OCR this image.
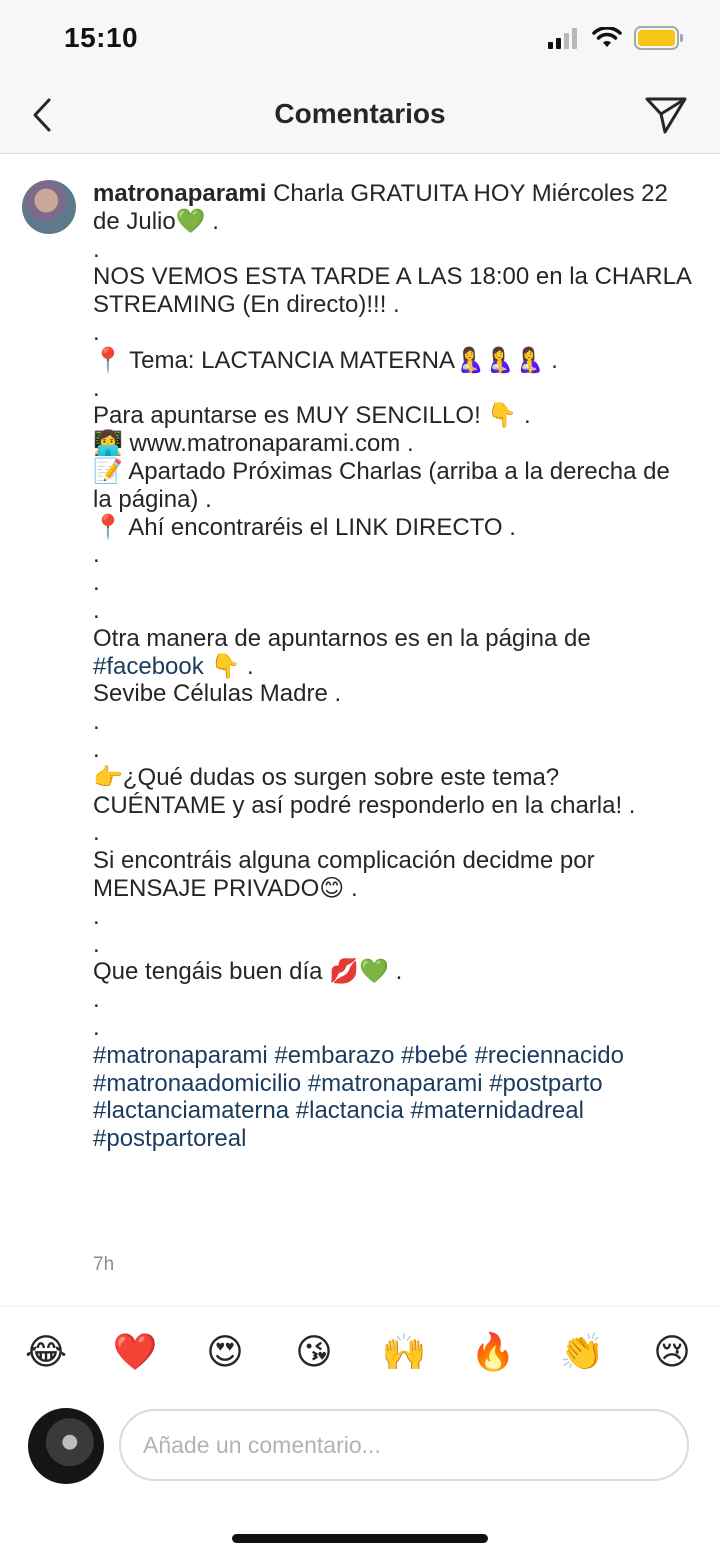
15:10
Comentarios
matronaparami Charla GRATUITA HOY Miércoles 22
de Julio💚 .
.
NOS VEMOS ESTA TARDE A LAS 18:00 en la CHARLA
STREAMING (En directo)!!! .
.
📍 Tema: LACTANCIA MATERNA🤱🤱🤱 .
.
Para apuntarse es MUY SENCILLO! 👇 .
👩‍💻 www.matronaparami.com .
📝 Apartado Próximas Charlas (arriba a la derecha de
la página) .
📍 Ahí encontraréis el LINK DIRECTO .
.
.
.
Otra manera de apuntarnos es en la página de
#facebook 👇 .
Sevibe Células Madre .
.
.
👉¿Qué dudas os surgen sobre este tema?
CUÉNTAME y así podré responderlo en la charla! .
.
Si encontráis alguna complicación decidme por
MENSAJE PRIVADO😊 .
.
.
Que tengáis buen día 💋💚 .
.
.
#matronaparami #embarazo #bebé #reciennacido
#matronaadomicilio #matronaparami #postparto
#lactanciamaterna #lactancia #maternidadreal
#postpartoreal
7h
😂 ❤️ 😍 😘 🙌 🔥 👏 😢
Añade un comentario...
